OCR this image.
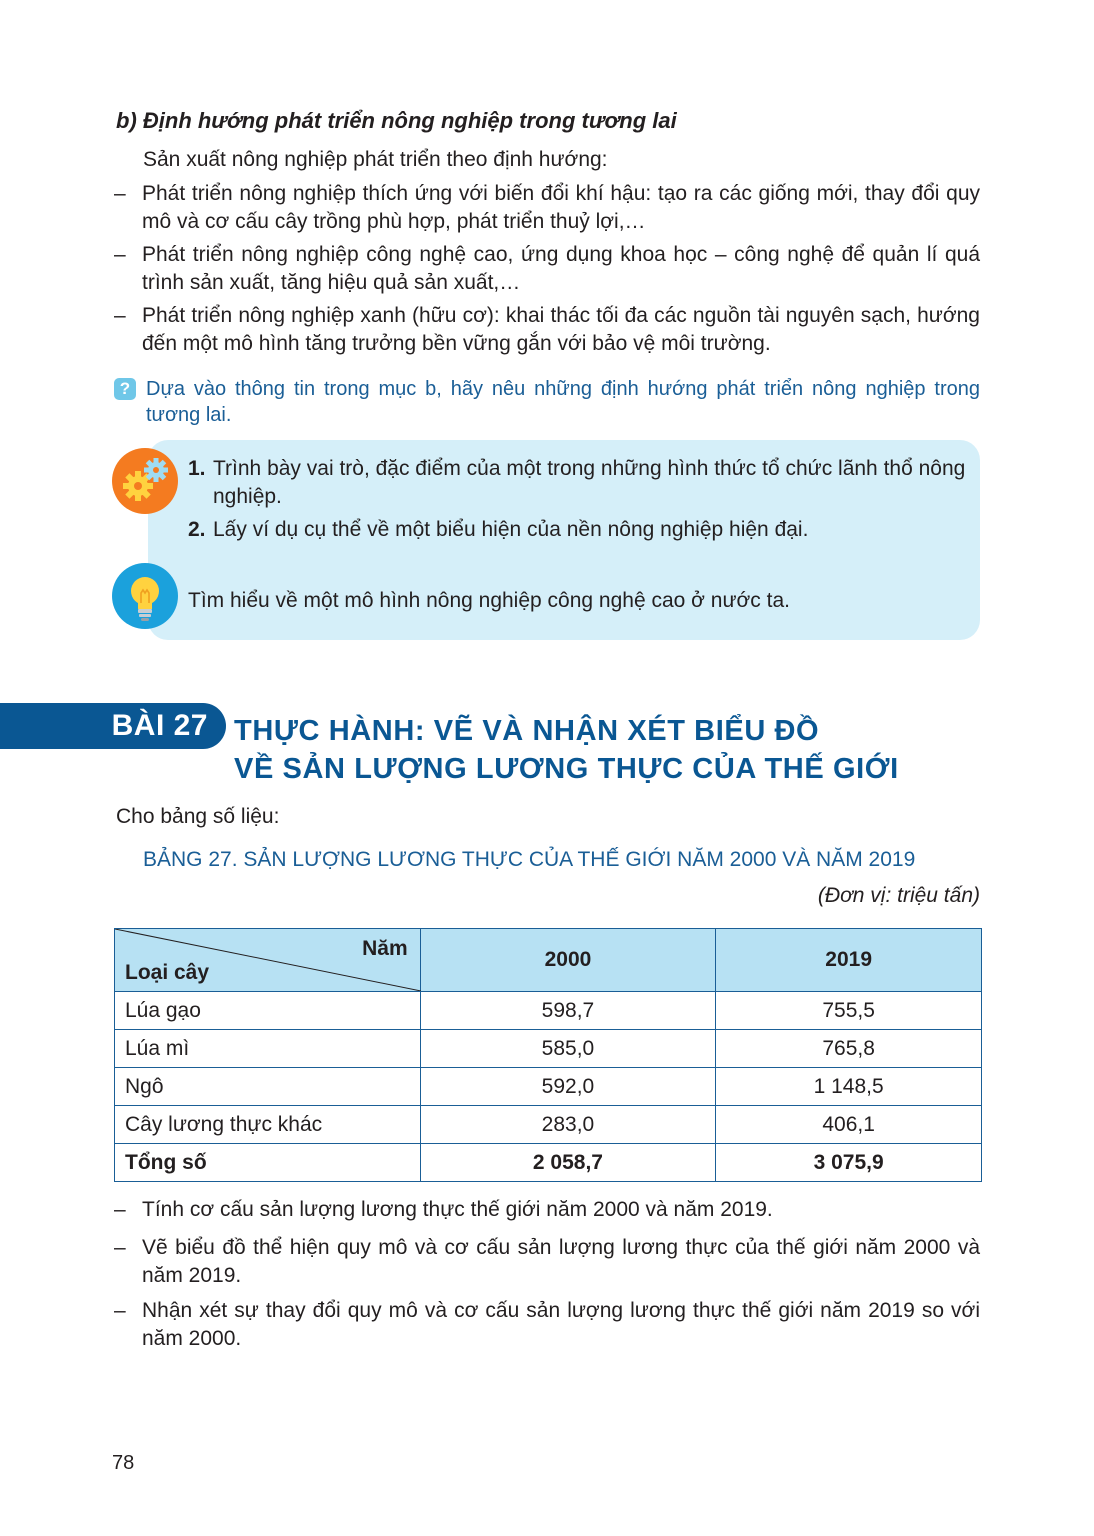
b) Định hướng phát triển nông nghiệp trong tương lai
Sản xuất nông nghiệp phát triển theo định hướng:
– Phát triển nông nghiệp thích ứng với biến đổi khí hậu: tạo ra các giống mới, thay đổi quy mô và cơ cấu cây trồng phù hợp, phát triển thuỷ lợi,…
– Phát triển nông nghiệp công nghệ cao, ứng dụng khoa học – công nghệ để quản lí quá trình sản xuất, tăng hiệu quả sản xuất,…
– Phát triển nông nghiệp xanh (hữu cơ): khai thác tối đa các nguồn tài nguyên sạch, hướng đến một mô hình tăng trưởng bền vững gắn với bảo vệ môi trường.
? Dựa vào thông tin trong mục b, hãy nêu những định hướng phát triển nông nghiệp trong tương lai.
1. Trình bày vai trò, đặc điểm của một trong những hình thức tổ chức lãnh thổ nông nghiệp.
2. Lấy ví dụ cụ thể về một biểu hiện của nền nông nghiệp hiện đại.
Tìm hiểu về một mô hình nông nghiệp công nghệ cao ở nước ta.
BÀI 27 THỰC HÀNH: VẼ VÀ NHẬN XÉT BIỂU ĐỒ
VỀ SẢN LƯỢNG LƯƠNG THỰC CỦA THẾ GIỚI
Cho bảng số liệu:
BẢNG 27. SẢN LƯỢNG LƯƠNG THỰC CỦA THẾ GIỚI NĂM 2000 VÀ NĂM 2019
(Đơn vị: triệu tấn)
Năm
Loại cây	2000	2019
Lúa gạo	598,7	755,5
Lúa mì	585,0	765,8
Ngô	592,0	1 148,5
Cây lương thực khác	283,0	406,1
Tổng số	2 058,7	3 075,9
– Tính cơ cấu sản lượng lương thực thế giới năm 2000 và năm 2019.
– Vẽ biểu đồ thể hiện quy mô và cơ cấu sản lượng lương thực của thế giới năm 2000 và năm 2019.
– Nhận xét sự thay đổi quy mô và cơ cấu sản lượng lương thực thế giới năm 2019 so với năm 2000.
78
